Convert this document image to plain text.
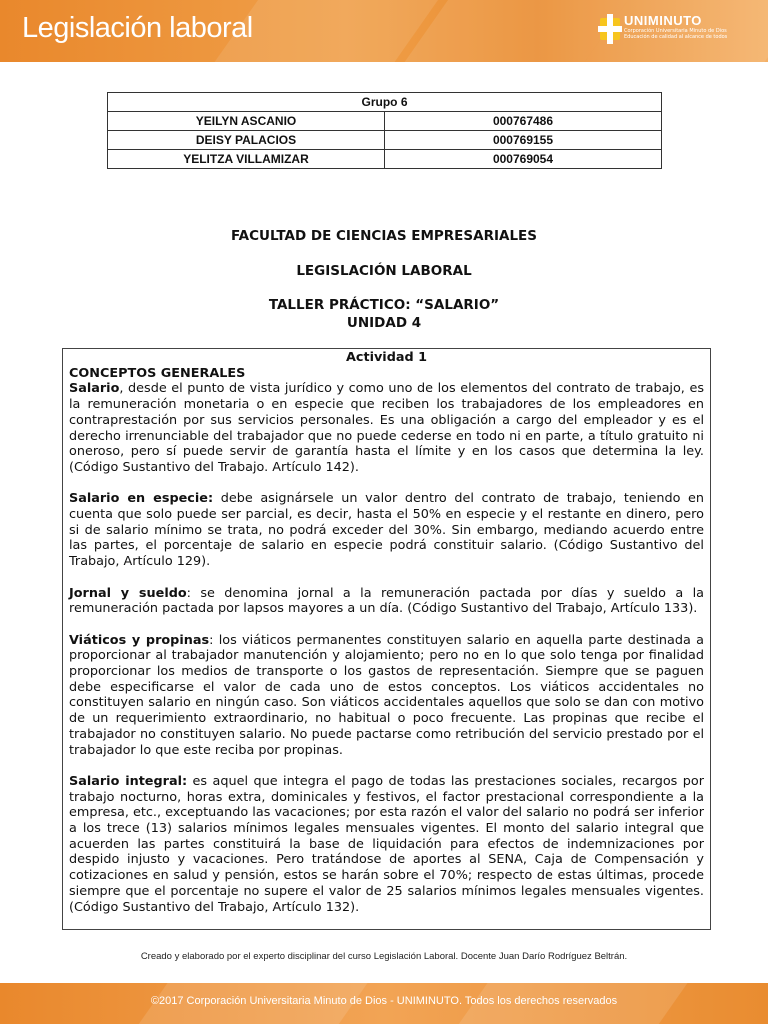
Legislación laboral	UNIMINUTO
Corporación Universitaria Minuto de Dios
Educación de calidad al alcance de todos
Grupo 6	
YEILYN ASCANIO	000767486
DEISY PALACIOS	000769155
YELITZA VILLAMIZAR	000769054
FACULTAD DE CIENCIAS EMPRESARIALES
LEGISLACIÓN LABORAL
TALLER PRÁCTICO: “SALARIO”
UNIDAD 4
Actividad 1
CONCEPTOS GENERALES

Salario, desde el punto de vista jurídico y como uno de los elementos del contrato de trabajo, es la remuneración monetaria o en especie que reciben los trabajadores de los empleadores en contraprestación por sus servicios personales. Es una obligación a cargo del empleador y es el derecho irrenunciable del trabajador que no puede cederse en todo ni en parte, a título gratuito ni oneroso, pero sí puede servir de garantía hasta el límite y en los casos que determina la ley. (Código Sustantivo del Trabajo. Artículo 142).

Salario en especie: debe asignársele un valor dentro del contrato de trabajo, teniendo en cuenta que solo puede ser parcial, es decir, hasta el 50% en especie y el restante en dinero, pero si de salario mínimo se trata, no podrá exceder del 30%. Sin embargo, mediando acuerdo entre las partes, el porcentaje de salario en especie podrá constituir salario. (Código Sustantivo del Trabajo, Artículo 129).

Jornal y sueldo: se denomina jornal a la remuneración pactada por días y sueldo a la remuneración pactada por lapsos mayores a un día. (Código Sustantivo del Trabajo, Artículo 133).

Viáticos y propinas: los viáticos permanentes constituyen salario en aquella parte destinada a proporcionar al trabajador manutención y alojamiento; pero no en lo que solo tenga por finalidad proporcionar los medios de transporte o los gastos de representación. Siempre que se paguen debe especificarse el valor de cada uno de estos conceptos. Los viáticos accidentales no constituyen salario en ningún caso. Son viáticos accidentales aquellos que solo se dan con motivo de un requerimiento extraordinario, no habitual o poco frecuente. Las propinas que recibe el trabajador no constituyen salario. No puede pactarse como retribución del servicio prestado por el trabajador lo que este reciba por propinas.

Salario integral: es aquel que integra el pago de todas las prestaciones sociales, recargos por trabajo nocturno, horas extra, dominicales y festivos, el factor prestacional correspondiente a la empresa, etc., exceptuando las vacaciones; por esta razón el valor del salario no podrá ser inferior a los trece (13) salarios mínimos legales mensuales vigentes. El monto del salario integral que acuerden las partes constituirá la base de liquidación para efectos de indemnizaciones por despido injusto y vacaciones. Pero tratándose de aportes al SENA, Caja de Compensación y cotizaciones en salud y pensión, estos se harán sobre el 70%; respecto de estas últimas, procede siempre que el porcentaje no supere el valor de 25 salarios mínimos legales mensuales vigentes. (Código Sustantivo del Trabajo, Artículo 132).

Creado y elaborado por el experto disciplinar del curso Legislación Laboral. Docente Juan Darío Rodríguez Beltrán.
©2017 Corporación Universitaria Minuto de Dios - UNIMINUTO. Todos los derechos reservados
